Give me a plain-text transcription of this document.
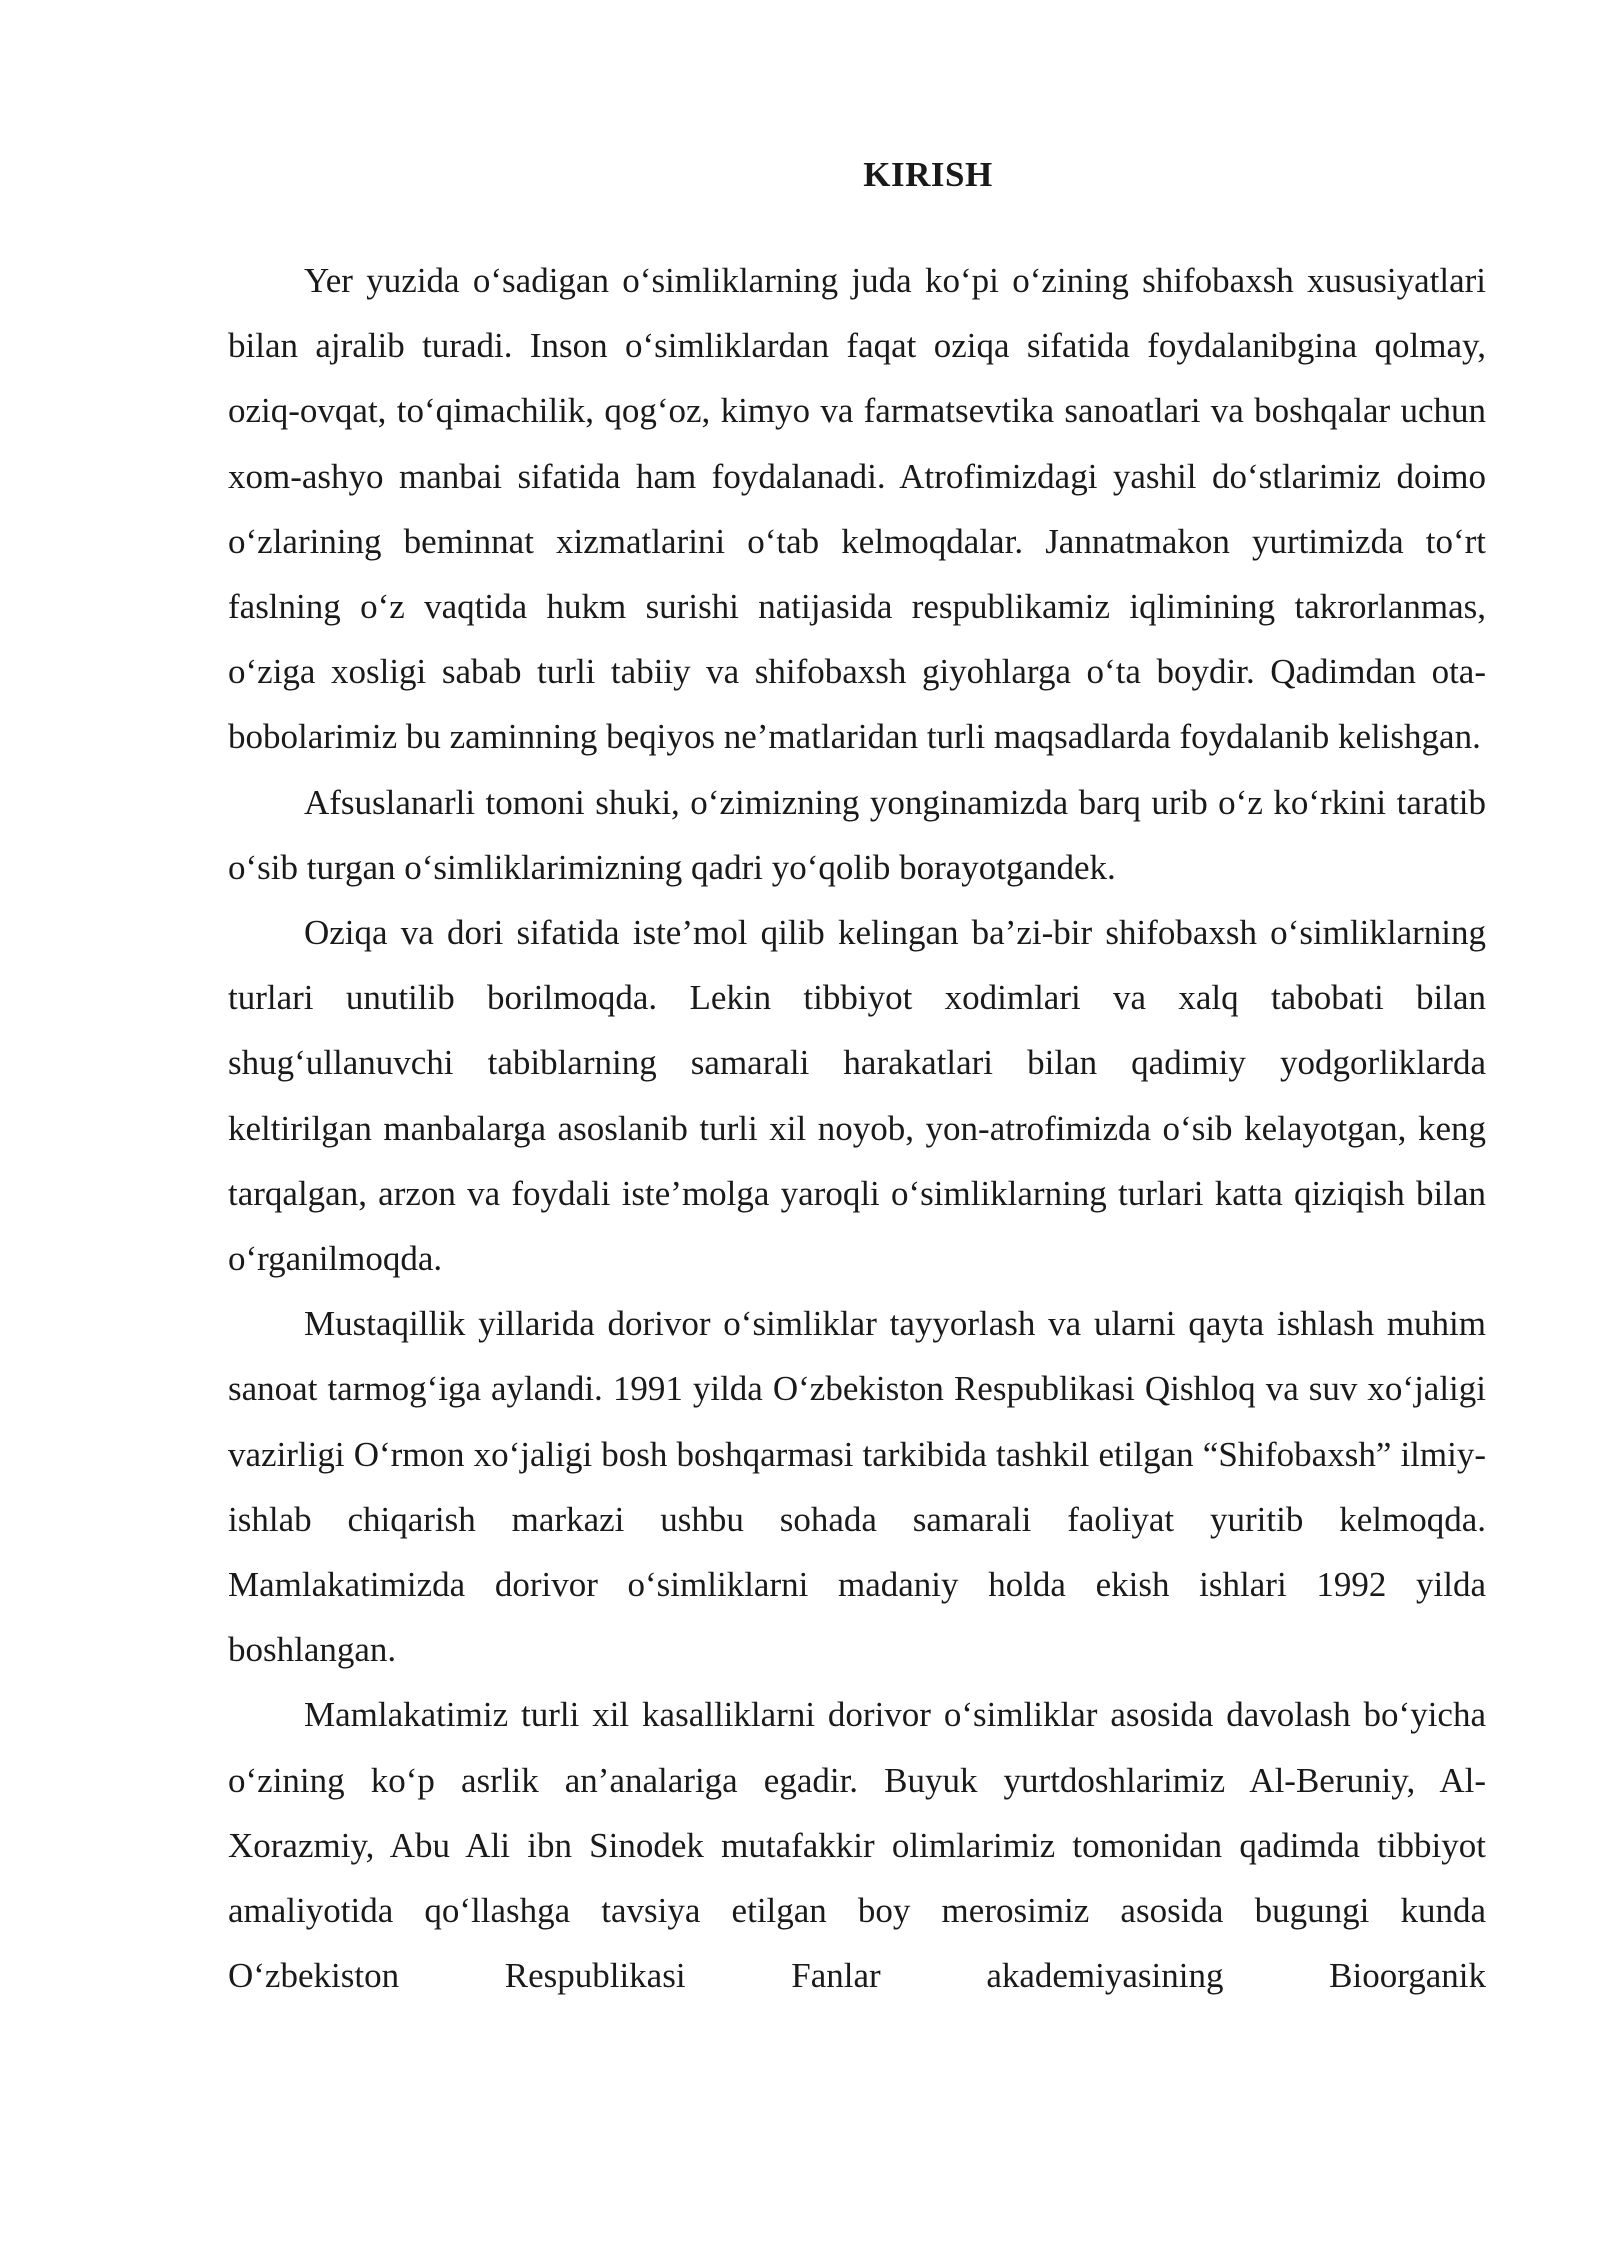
KIRISH

Yer yuzida o‘sadigan o‘simliklarning juda ko‘pi o‘zining shifobaxsh xususiyatlari bilan ajralib turadi. Inson o‘simliklardan faqat oziqa sifatida foydalanibgina qolmay, oziq-ovqat, to‘qimachilik, qog‘oz, kimyo va farmatsevtika sanoatlari va boshqalar uchun xom-ashyo manbai sifatida ham foydalanadi. Atrofimizdagi yashil do‘stlarimiz doimo o‘zlarining beminnat xizmatlarini o‘tab kelmoqdalar. Jannatmakon yurtimizda to‘rt faslning o‘z vaqtida hukm surishi natijasida respublikamiz iqlimining takrorlanmas, o‘ziga xosligi sabab turli tabiiy va shifobaxsh giyohlarga o‘ta boydir. Qadimdan ota-bobolarimiz bu zaminning beqiyos ne’matlaridan turli maqsadlarda foydalanib kelishgan.

Afsuslanarli tomoni shuki, o‘zimizning yonginamizda barq urib o‘z ko‘rkini taratib o‘sib turgan o‘simliklarimizning qadri yo‘qolib borayotgandek.

Oziqa va dori sifatida iste’mol qilib kelingan ba’zi-bir shifobaxsh o‘simliklarning turlari unutilib borilmoqda. Lekin tibbiyot xodimlari va xalq tabobati bilan shug‘ullanuvchi tabiblarning samarali harakatlari bilan qadimiy yodgorliklarda keltirilgan manbalarga asoslanib turli xil noyob, yon-atrofimizda o‘sib kelayotgan, keng tarqalgan, arzon va foydali iste’molga yaroqli o‘simliklarning turlari katta qiziqish bilan o‘rganilmoqda.

Mustaqillik yillarida dorivor o‘simliklar tayyorlash va ularni qayta ishlash muhim sanoat tarmog‘iga aylandi. 1991 yilda O‘zbekiston Respublikasi Qishloq va suv xo‘jaligi vazirligi O‘rmon xo‘jaligi bosh boshqarmasi tarkibida tashkil etilgan “Shifobaxsh” ilmiy-ishlab chiqarish markazi ushbu sohada samarali faoliyat yuritib kelmoqda. Mamlakatimizda dorivor o‘simliklarni madaniy holda ekish ishlari 1992 yilda boshlangan.

Mamlakatimiz turli xil kasalliklarni dorivor o‘simliklar asosida davolash bo‘yicha o‘zining ko‘p asrlik an’analariga egadir. Buyuk yurtdoshlarimiz Al-Beruniy, Al-Xorazmiy, Abu Ali ibn Sinodek mutafakkir olimlarimiz tomonidan qadimda tibbiyot amaliyotida qo‘llashga tavsiya etilgan boy merosimiz asosida bugungi kunda O‘zbekiston Respublikasi Fanlar akademiyasining Bioorganik
